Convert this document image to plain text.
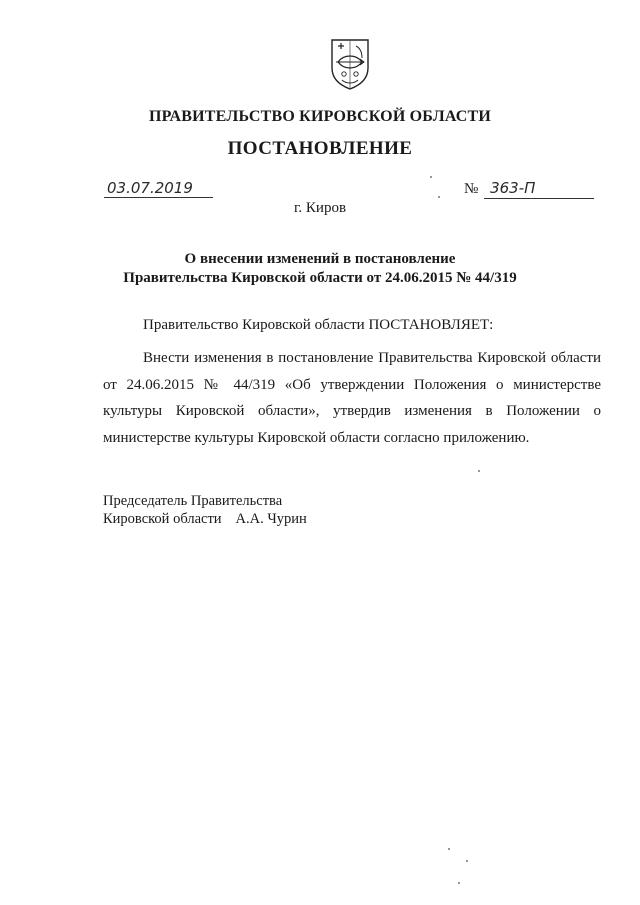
ПРАВИТЕЛЬСТВО КИРОВСКОЙ ОБЛАСТИ
ПОСТАНОВЛЕНИЕ
03.07.2019	№ 363-П
г. Киров
О внесении изменений в постановление
Правительства Кировской области от 24.06.2015 № 44/319
Правительство Кировской области ПОСТАНОВЛЯЕТ:

Внести изменения в постановление Правительства Кировской области от 24.06.2015 № 44/319 «Об утверждении Положения о министерстве культуры Кировской области», утвердив изменения в Положении о министерстве культуры Кировской области согласно приложению.

Председатель Правительства
Кировской области А.А. Чурин
